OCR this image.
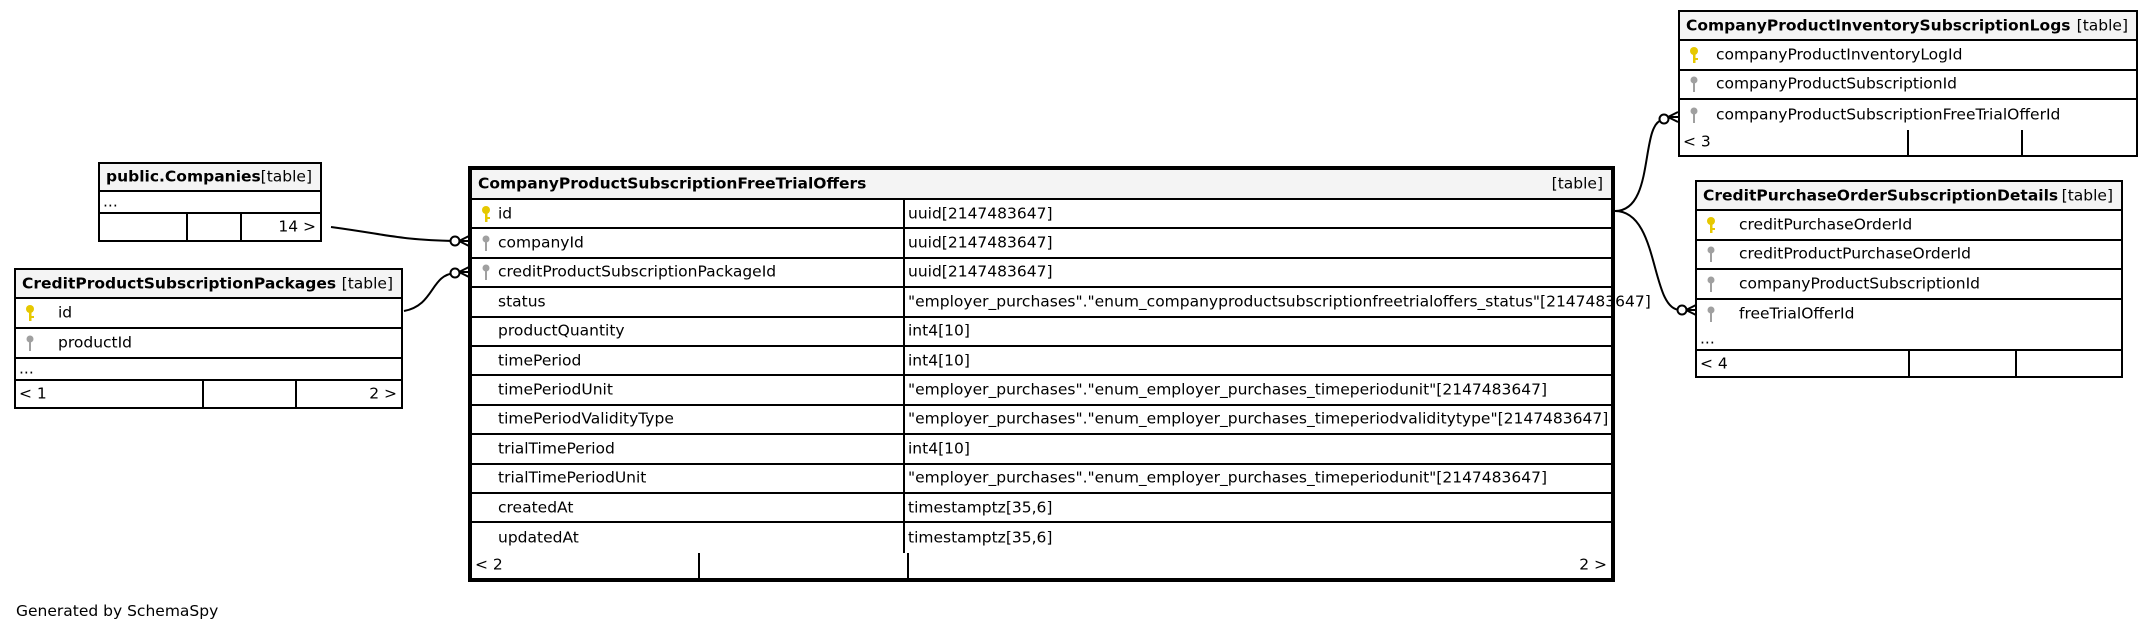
public.Companies [table]
...
14 >
CreditProductSubscriptionPackages [table]
id
productId
...
< 1	2 >
CompanyProductSubscriptionFreeTrialOffers	[table]
id	uuid[2147483647]
companyId	uuid[2147483647]
creditProductSubscriptionPackageId	uuid[2147483647]
status	"employer_purchases"."enum_companyproductsubscriptionfreetrialoffers_status"[2147483647]
productQuantity	int4[10]
timePeriod	int4[10]
timePeriodUnit	"employer_purchases"."enum_employer_purchases_timeperiodunit"[2147483647]
timePeriodValidityType	"employer_purchases"."enum_employer_purchases_timeperiodvaliditytype"[2147483647]
trialTimePeriod	int4[10]
trialTimePeriodUnit	"employer_purchases"."enum_employer_purchases_timeperiodunit"[2147483647]
createdAt	timestamptz[35,6]
updatedAt	timestamptz[35,6]
< 2	2 >
CompanyProductInventorySubscriptionLogs [table]
companyProductInventoryLogId
companyProductSubscriptionId
companyProductSubscriptionFreeTrialOfferId
< 3
CreditPurchaseOrderSubscriptionDetails [table]
creditPurchaseOrderId
creditProductPurchaseOrderId
companyProductSubscriptionId
freeTrialOfferId
...
< 4
Generated by SchemaSpy
